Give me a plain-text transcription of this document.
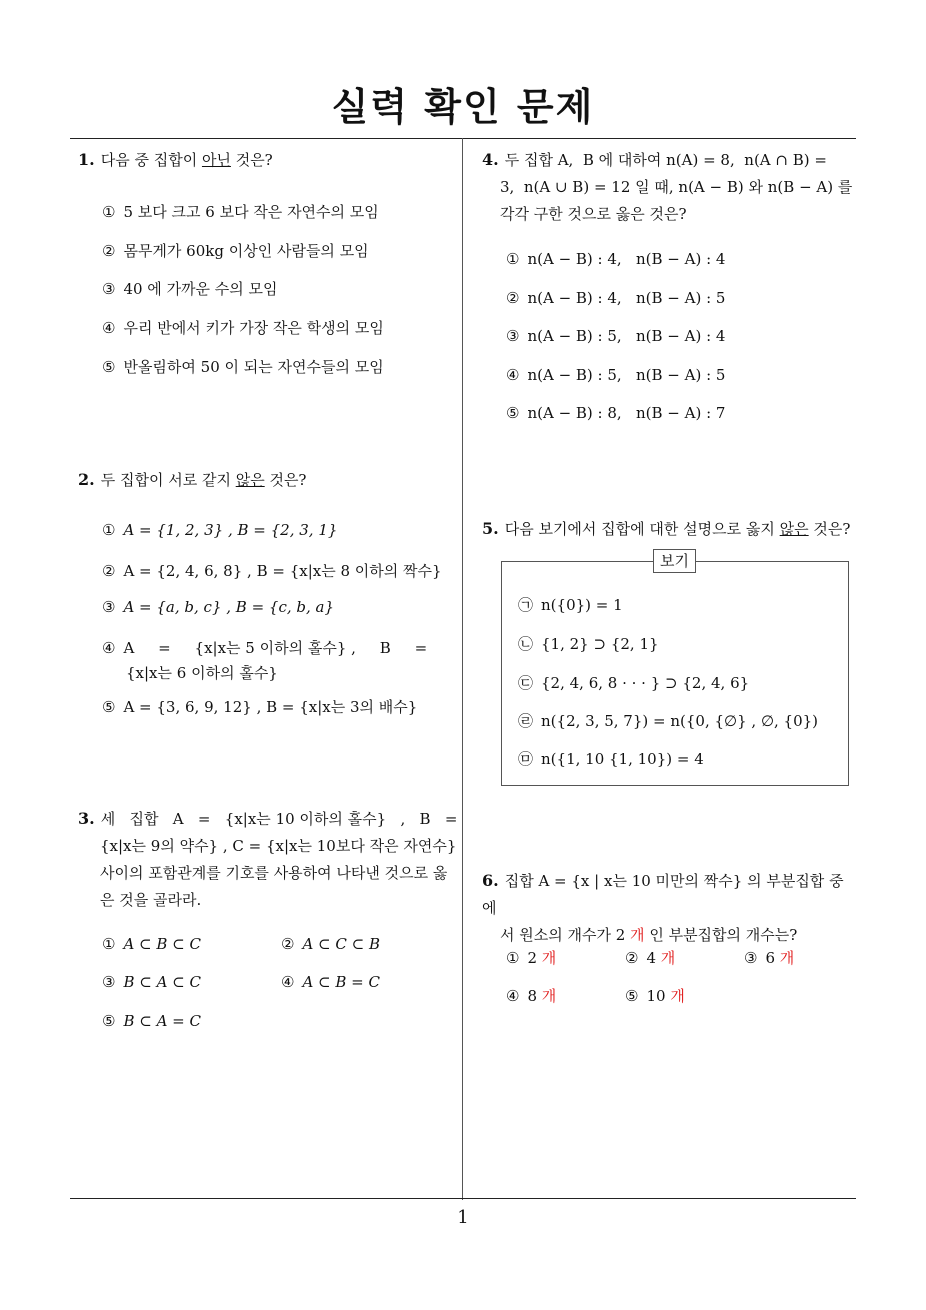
실력 확인 문제
1
1. 다음 중 집합이 아닌 것은?
① 5 보다 크고 6 보다 작은 자연수의 모임
② 몸무게가 60kg 이상인 사람들의 모임
③ 40 에 가까운 수의 모임
④ 우리 반에서 키가 가장 작은 학생의 모임
⑤ 반올림하여 50 이 되는 자연수들의 모임
2. 두 집합이 서로 같지 않은 것은?
① A = {1, 2, 3} , B = {2, 3, 1}
② A = {2, 4, 6, 8} , B = {x|x는 8 이하의 짝수}
③ A = {a, b, c} , B = {c, b, a}
④ A     =     {x|x는 5 이하의 홀수} ,     B     =
{x|x는 6 이하의 홀수}
⑤ A = {3, 6, 9, 12} , B = {x|x는 3의 배수}
3. 세   집합   A   =   {x|x는 10 이하의 홀수}   ,   B   =
{x|x는 9의 약수} , C = {x|x는 10보다 작은 자연수}
사이의 포함관계를 기호를 사용하여 나타낸 것으로 옳
은 것을 골라라.
① A ⊂ B ⊂ C	② A ⊂ C ⊂ B
③ B ⊂ A ⊂ C	④ A ⊂ B = C
⑤ B ⊂ A = C
4. 두 집합 A,  B 에 대하여 n(A) = 8,  n(A ∩ B) =
3,  n(A ∪ B) = 12 일 때, n(A − B) 와 n(B − A) 를
각각 구한 것으로 옳은 것은?
① n(A − B) : 4,   n(B − A) : 4
② n(A − B) : 4,   n(B − A) : 5
③ n(A − B) : 5,   n(B − A) : 4
④ n(A − B) : 5,   n(B − A) : 5
⑤ n(A − B) : 8,   n(B − A) : 7
5. 다음 보기에서 집합에 대한 설명으로 옳지 않은 것은?
보기
㉠ n({0}) = 1
㉡ {1, 2} ⊃ {2, 1}
㉢ {2, 4, 6, 8 · · · } ⊃ {2, 4, 6}
㉣ n({2, 3, 5, 7}) = n({0, {∅} , ∅, {0})
㉤ n({1, 10 {1, 10}) = 4
6. 집합 A = {x | x는 10 미만의 짝수} 의 부분집합 중에
서 원소의 개수가 2 개 인 부분집합의 개수는?
① 2 개	② 4 개	③ 6 개
④ 8 개	⑤ 10 개
